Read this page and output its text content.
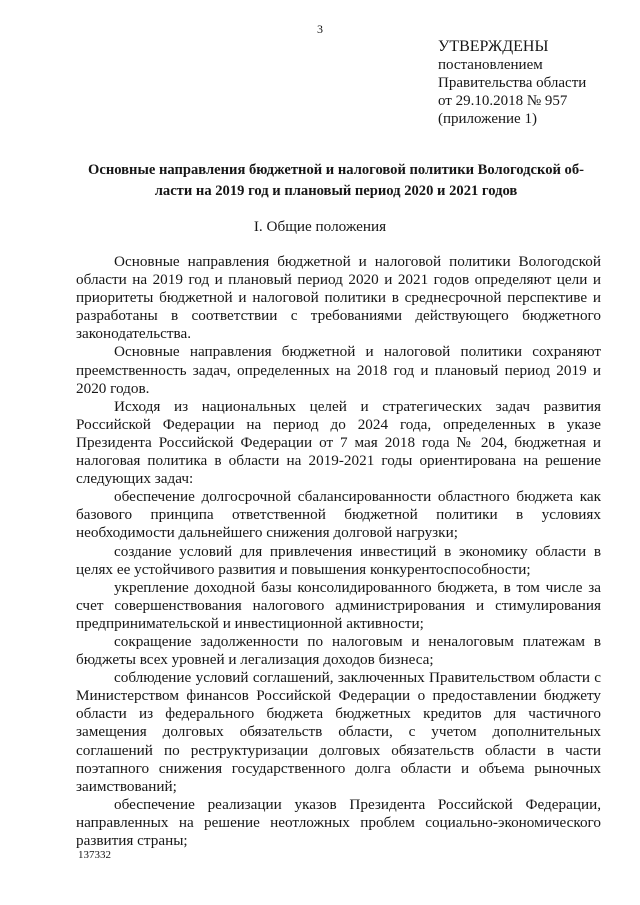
3
УТВЕРЖДЕНЫ
постановлением
Правительства области
от 29.10.2018 № 957
(приложение 1)
Основные направления бюджетной и налоговой политики Вологодской об-
ласти на 2019 год и плановый период 2020 и 2021 годов
I. Общие положения

Основные направления бюджетной и налоговой политики Вологодской области на 2019 год и плановый период 2020 и 2021 годов определяют цели и приоритеты бюджетной и налоговой политики в среднесрочной перспективе и разработаны в соответствии с требованиями действующего бюджетного законодательства.

Основные направления бюджетной и налоговой политики сохраняют преемственность задач, определенных на 2018 год и плановый период 2019 и 2020 годов.

Исходя из национальных целей и стратегических задач развития Российской Федерации на период до 2024 года, определенных в указе Президента Российской Федерации от 7 мая 2018 года № 204, бюджетная и налоговая политика в области на 2019-2021 годы ориентирована на решение следующих задач:

обеспечение долгосрочной сбалансированности областного бюджета как базового принципа ответственной бюджетной политики в условиях необходимости дальнейшего снижения долговой нагрузки;

создание условий для привлечения инвестиций в экономику области в целях ее устойчивого развития и повышения конкурентоспособности;

укрепление доходной базы консолидированного бюджета, в том числе за счет совершенствования налогового администрирования и стимулирования предпринимательской и инвестиционной активности;

сокращение задолженности по налоговым и неналоговым платежам в бюджеты всех уровней и легализация доходов бизнеса;

соблюдение условий соглашений, заключенных Правительством области с Министерством финансов Российской Федерации о предоставлении бюджету области из федерального бюджета бюджетных кредитов для частичного замещения долговых обязательств области, с учетом дополнительных соглашений по реструктуризации долговых обязательств области в части поэтапного снижения государственного долга области и объема рыночных заимствований;

обеспечение реализации указов Президента Российской Федерации, направленных на решение неотложных проблем социально-экономического развития страны;

137332
